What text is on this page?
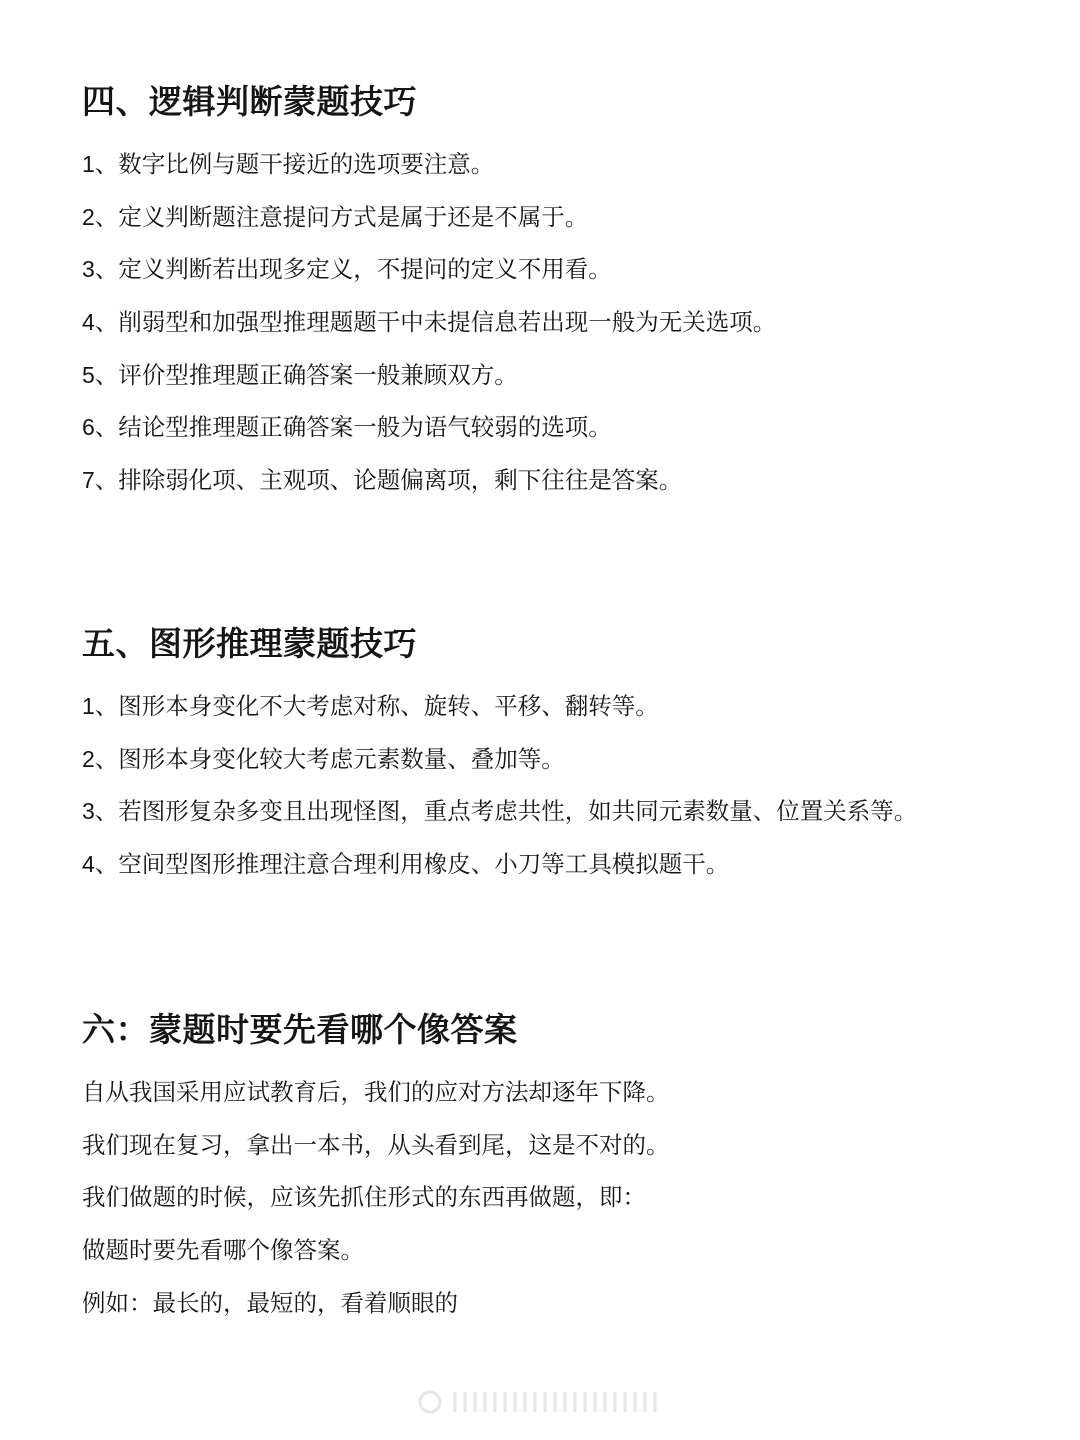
四、逻辑判断蒙题技巧
1、数字比例与题干接近的选项要注意。
2、定义判断题注意提问方式是属于还是不属于。
3、定义判断若出现多定义，不提问的定义不用看。
4、削弱型和加强型推理题题干中未提信息若出现一般为无关选项。
5、评价型推理题正确答案一般兼顾双方。
6、结论型推理题正确答案一般为语气较弱的选项。
7、排除弱化项、主观项、论题偏离项，剩下往往是答案。
五、图形推理蒙题技巧
1、图形本身变化不大考虑对称、旋转、平移、翻转等。
2、图形本身变化较大考虑元素数量、叠加等。
3、若图形复杂多变且出现怪图，重点考虑共性，如共同元素数量、位置关系等。
4、空间型图形推理注意合理利用橡皮、小刀等工具模拟题干。
六：蒙题时要先看哪个像答案
自从我国采用应试教育后，我们的应对方法却逐年下降。
我们现在复习，拿出一本书，从头看到尾，这是不对的。
我们做题的时候，应该先抓住形式的东西再做题，即：
做题时要先看哪个像答案。
例如：最长的，最短的，看着顺眼的
